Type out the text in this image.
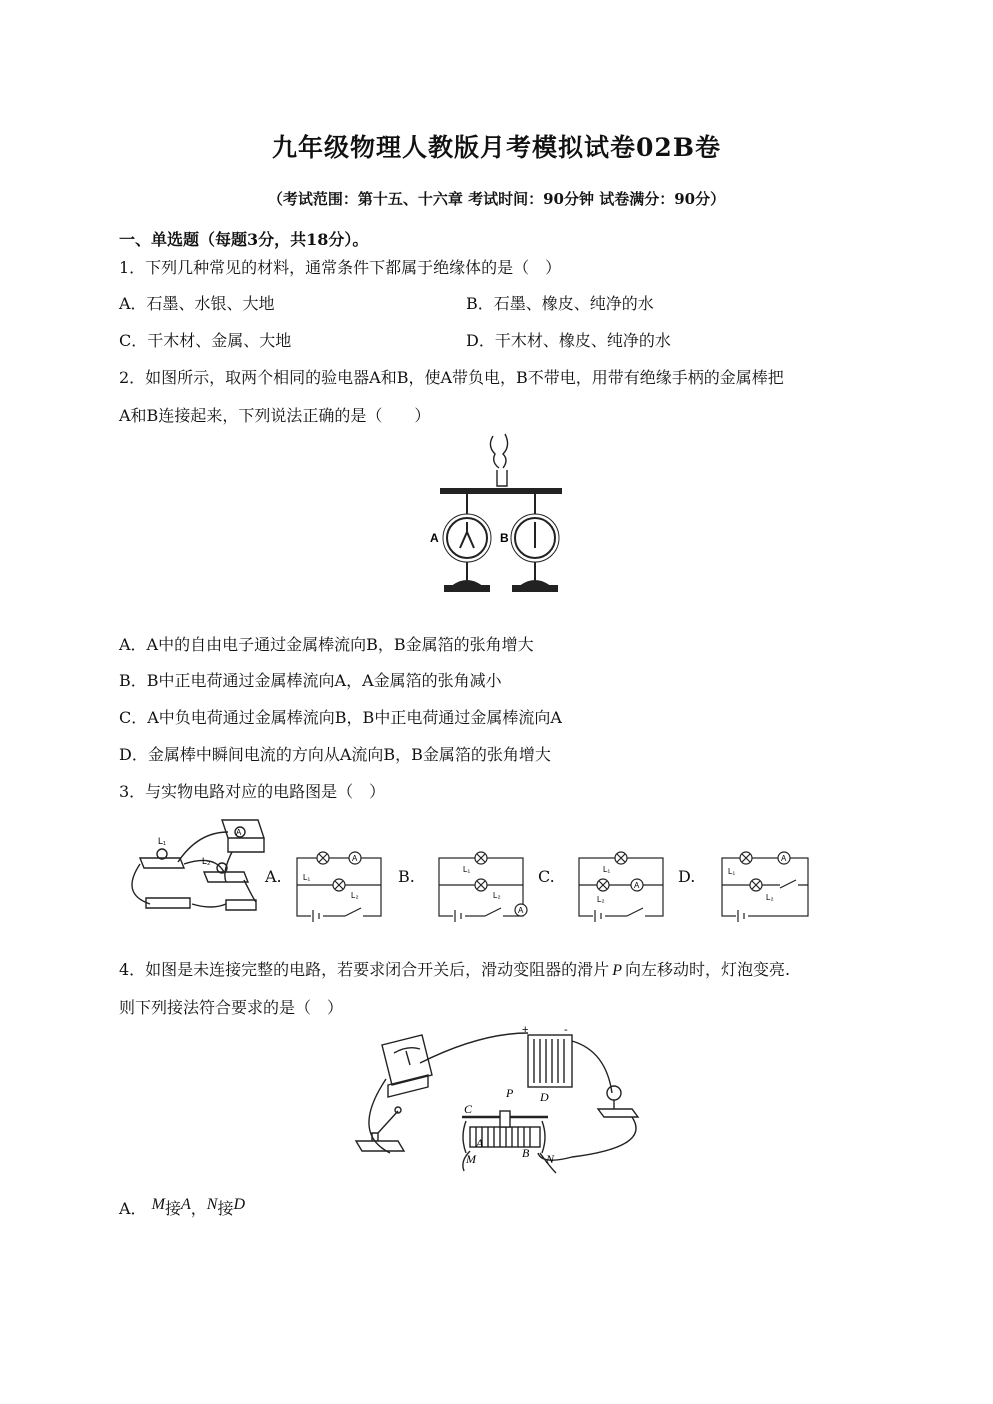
九年级物理人教版月考模拟试卷02B卷
（考试范围：第十五、十六章 考试时间：90分钟 试卷满分：90分）
一、单选题（每题3分，共18分）。
1．下列几种常见的材料，通常条件下都属于绝缘体的是（　）
A．石墨、水银、大地	B．石墨、橡皮、纯净的水
C．干木材、金属、大地	D．干木材、橡皮、纯净的水
2．如图所示，取两个相同的验电器A和B，使A带负电，B不带电，用带有绝缘手柄的金属棒把
A和B连接起来，下列说法正确的是（　　）
A	B
A．A中的自由电子通过金属棒流向B，B金属箔的张角增大
B．B中正电荷通过金属棒流向A，A金属箔的张角减小
C．A中负电荷通过金属棒流向B，B中正电荷通过金属棒流向A
D．金属棒中瞬间电流的方向从A流向B，B金属箔的张角增大
3．与实物电路对应的电路图是（　）
L₁
L₂
A
A.	B.	C.	D.
A
L₁
L₂
L₁
L₂
A
L₁
A
L₂
A
L₁
L₂
4．如图是未连接完整的电路，若要求闭合开关后，滑动变阻器的滑片 P 向左移动时，灯泡变亮.
则下列接法符合要求的是（　）
C
P D
A
B
M	N
+	-
A． M接A，N接D
